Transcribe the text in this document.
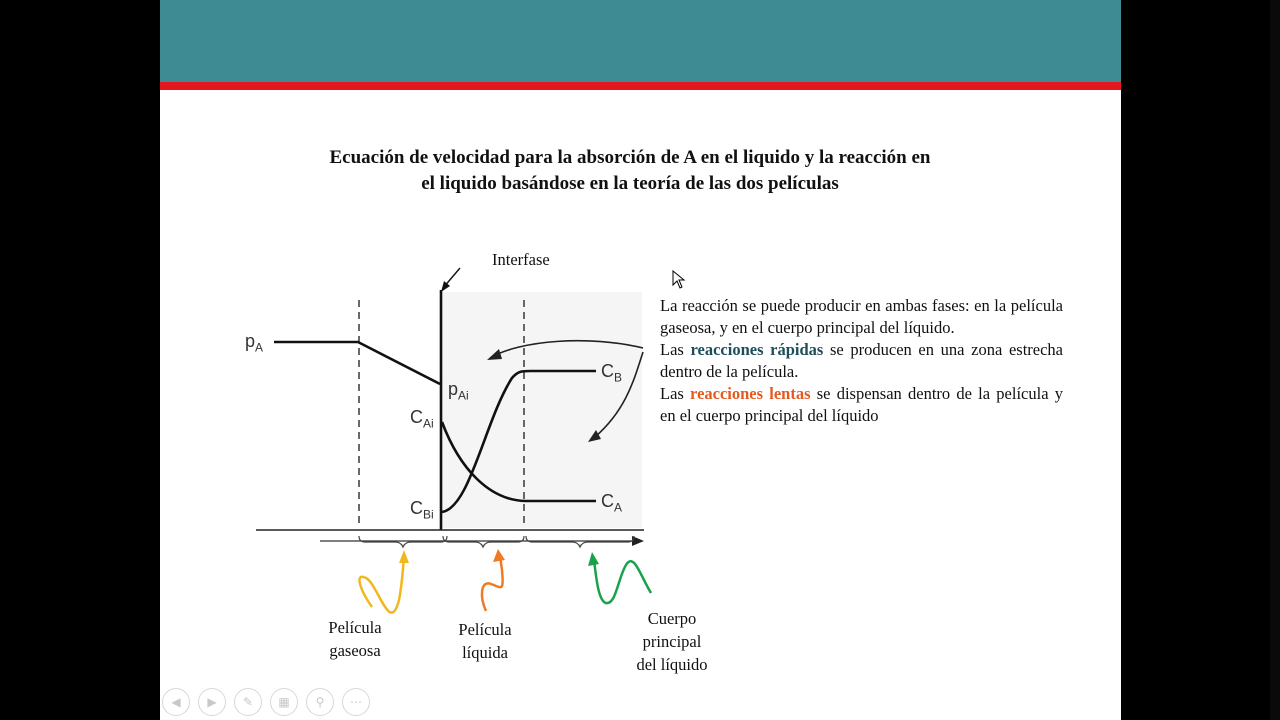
Ecuación de velocidad para la absorción de A en el liquido y la reacción en
el liquido basándose en la teoría de las dos películas
Interfase
$p_A$
$p_{Ai}$
$C_{Ai}$
$C_{Bi}$
$C_B$
$C_A$
Película
gaseosa
Película
líquida
Cuerpo
principal
del líquido

La reacción se puede producir en ambas fases: en la película gaseosa, y en el cuerpo principal del líquido.

Las reacciones rápidas se producen en una zona estrecha dentro de la película.

Las reacciones lentas se dispensan dentro de la película y en el cuerpo principal del líquido

◀	▶	✎	▦	⚲	⋯
